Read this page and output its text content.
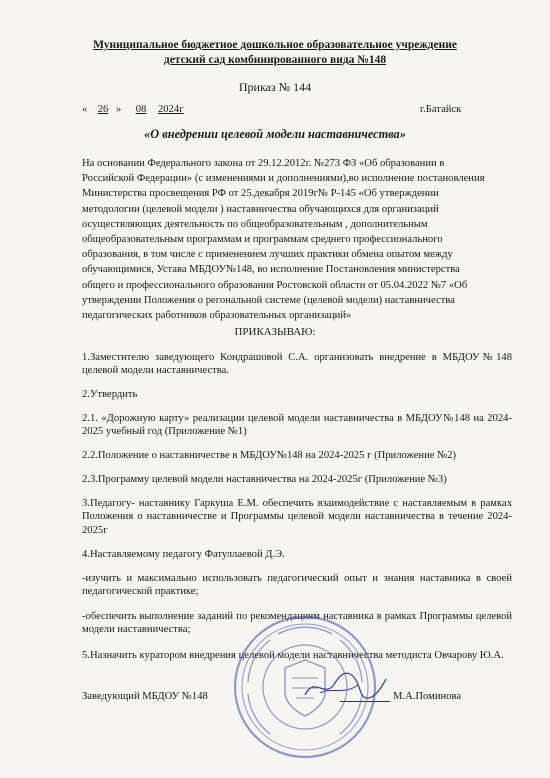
Муниципальное бюджетное дошкольное образовательное учреждение
детский сад комбинированного вида №148
Приказ № 144
« 26 »	08	2024г	г.Батайск
«О внедрении целевой модели наставничества»
На основании Федерального закона от 29.12.2012г. №273 ФЗ «Об образовании в
Российской Федерации» (с изменениями и дополнениями),во исполнение постановления
Министерства просвещения РФ от 25.декабря 2019г№ Р-145 «Об утверждении
методологии (целевой модели ) наставничества обучающихся для организаций
осуществляющих деятельность по общеобразовательным , дополнительным
общеобразовательным программам и программам среднего профессионального
образования, в том числе с применением лучших практики обмена опытом между
обучающимися, Устава МБДОУ№148, во исполнение Постановления министерства
общего и профессионального образования Ростовской области от 05.04.2022 №7 «Об
утверждении Положения о регональной системе (целевой модели) наставничества
педагогических работников образовательных организаций»
ПРИКАЗЫВАЮ:
1.Заместителю заведующего Кондрашовой С.А. организовать внедрение в МБДОУ№148 целевой модели наставничества.
2.Утвердить
2.1. «Дорожную карту» реализации целевой модели наставничества в МБДОУ№148 на 2024-2025 учебный год (Приложение №1)
2.2.Положение о наставничестве в МБДОУ№148 на 2024-2025 г (Приложение №2)
2.3.Программу целевой модели наставничества на 2024-2025г (Приложение №3)
3.Педагогу- наставнику Гаркуша Е.М. обеспечить взаимодействие с наставляемым в рамках Положения о наставничестве и Программы целевой модели наставничества в течение 2024-2025г
4.Наставляемому педагогу Фатуллаевой Д.Э.
-изучить и максимально использовать педагогический опыт и знания наставника в своей педагогической практике;
-обеспечить выполнение заданий по рекомендациям наставника в рамках Программы целевой модели наставничества;
5.Назначить куратором внедрения целевой модели наставничества методиста Овчарову Ю.А.
Заведующий МБДОУ №148	М.А.Поминова
